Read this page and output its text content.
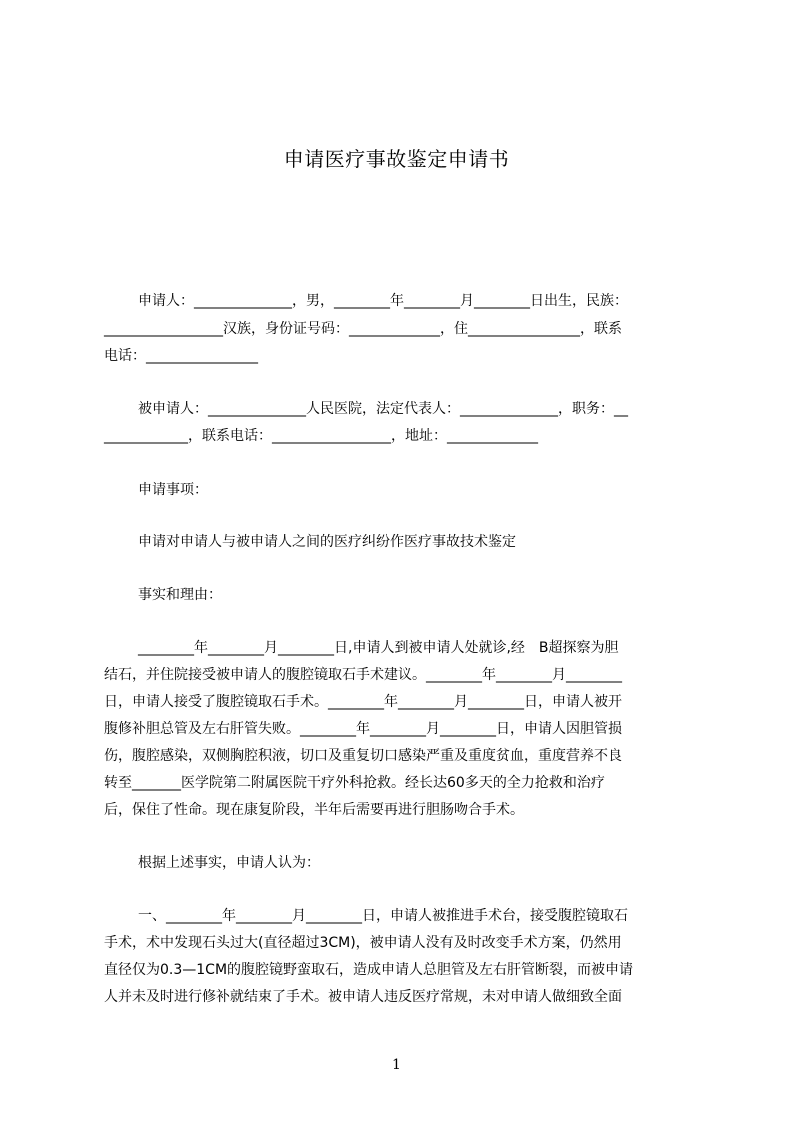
申请医疗事故鉴定申请书
申请人：______________，男，________年________月________日出生，民族：
_________________汉族，身份证号码：_____________，住________________，联系
电话：________________
被申请人：______________人民医院，法定代表人：______________，职务：__
____________，联系电话：_________________，地址：_____________
申请事项：
申请对申请人与被申请人之间的医疗纠纷作医疗事故技术鉴定
事实和理由：
________年________月________日,申请人到被申请人处就诊,经　B超探察为胆
结石，并住院接受被申请人的腹腔镜取石手术建议。________年________月________
日，申请人接受了腹腔镜取石手术。________年________月________日，申请人被开
腹修补胆总管及左右肝管失败。________年________月________日，申请人因胆管损
伤，腹腔感染，双侧胸腔积液，切口及重复切口感染严重及重度贫血，重度营养不良
转至_______医学院第二附属医院干疗外科抢救。经长达60多天的全力抢救和治疗
后，保住了性命。现在康复阶段，半年后需要再进行胆肠吻合手术。
根据上述事实，申请人认为：
一、________年________月________日，申请人被推进手术台，接受腹腔镜取石
手术，术中发现石头过大(直径超过3CM)，被申请人没有及时改变手术方案，仍然用
直径仅为0.3—1CM的腹腔镜野蛮取石，造成申请人总胆管及左右肝管断裂，而被申请
人并未及时进行修补就结束了手术。被申请人违反医疗常规，未对申请人做细致全面
1
